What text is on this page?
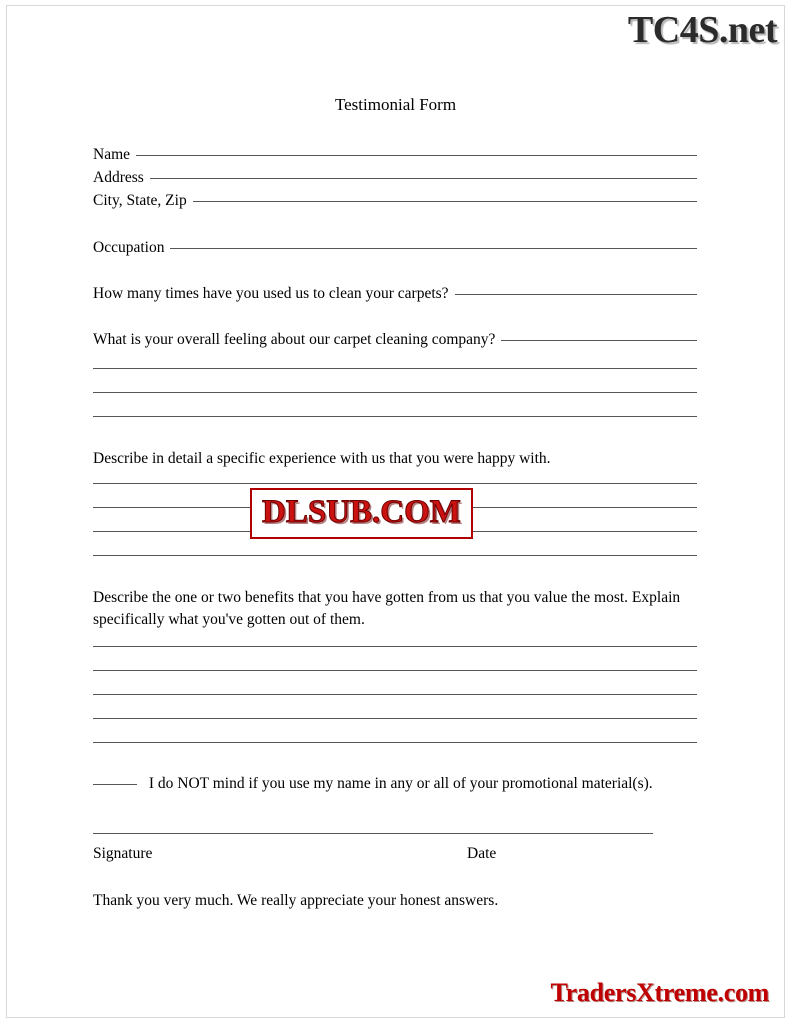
TC4S.net
Testimonial Form
Name
Address
City, State, Zip
Occupation
How many times have you used us to clean your carpets?
What is your overall feeling about our carpet cleaning company?
Describe in detail a specific experience with us that you were happy with.
Describe the one or two benefits that you have gotten from us that you value the most. Explain specifically what you've gotten out of them.
I do NOT mind if you use my name in any or all of your promotional material(s).
Signature	Date
Thank you very much. We really appreciate your honest answers.
DLSUB.COM
TradersXtreme.com
